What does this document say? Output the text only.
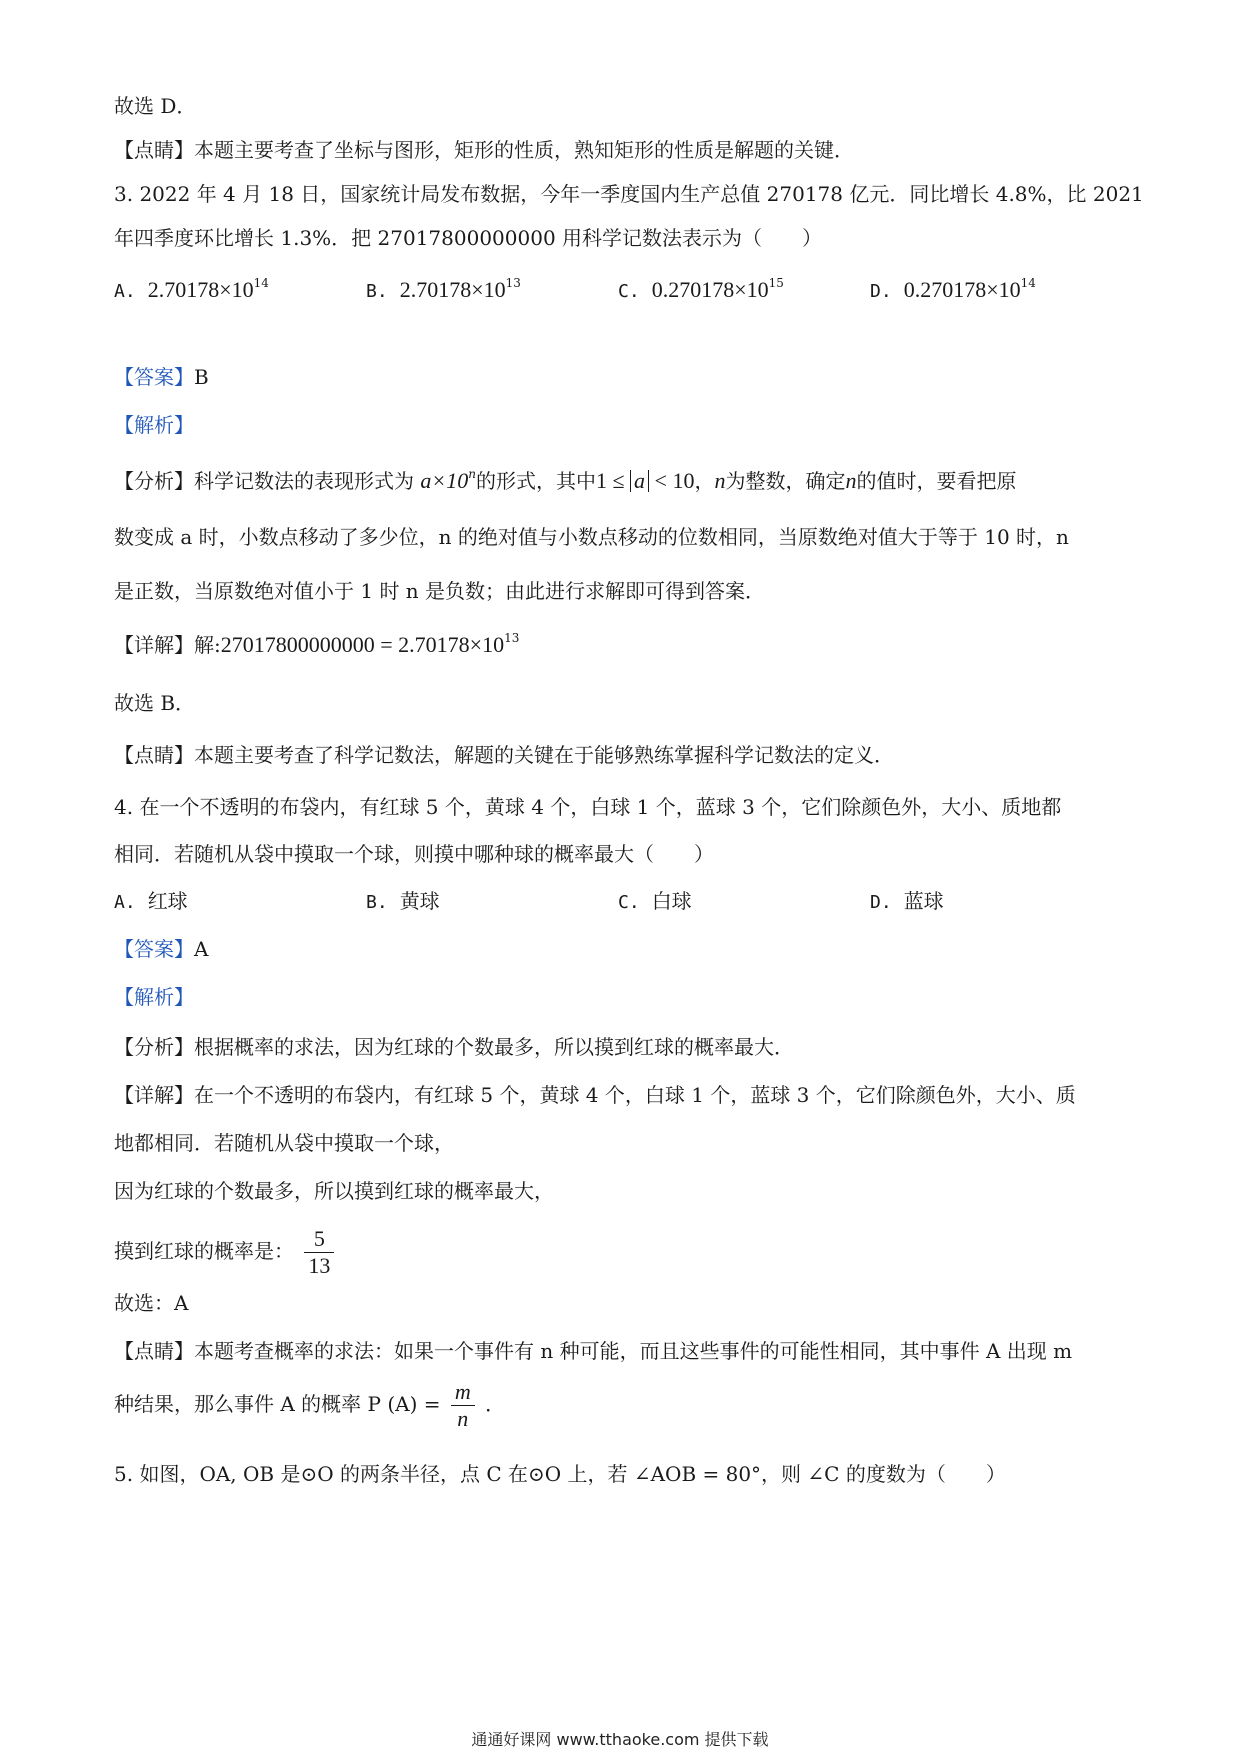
故选 D．
【点睛】本题主要考查了坐标与图形，矩形的性质，熟知矩形的性质是解题的关键．
3. 2022 年 4 月 18 日，国家统计局发布数据，今年一季度国内生产总值 270178 亿元．同比增长 4.8%，比 2021
年四季度环比增长 1.3%．把 27017800000000 用科学记数法表示为（　　）
A. $2.70178\times 10^{14}$	B. $2.70178\times 10^{13}$	C. $0.270178\times 10^{15}$	D. $0.270178\times 10^{14}$
【答案】B
【解析】
【分析】科学记数法的表现形式为 $a\times 10^n$的形式，其中1 ≤ a < 10，n为整数，确定n的值时，要看把原
数变成 a 时，小数点移动了多少位，n 的绝对值与小数点移动的位数相同，当原数绝对值大于等于 10 时，n
是正数，当原数绝对值小于 1 时 n 是负数；由此进行求解即可得到答案．
【详解】解:27017800000000 = $2.70178\times 10^{13}$
故选 B．
【点睛】本题主要考查了科学记数法，解题的关键在于能够熟练掌握科学记数法的定义．
4. 在一个不透明的布袋内，有红球 5 个，黄球 4 个，白球 1 个，蓝球 3 个，它们除颜色外，大小、质地都
相同．若随机从袋中摸取一个球，则摸中哪种球的概率最大（　　）
A. 红球	B. 黄球	C. 白球	D. 蓝球
【答案】A
【解析】
【分析】根据概率的求法，因为红球的个数最多，所以摸到红球的概率最大．
【详解】在一个不透明的布袋内，有红球 5 个，黄球 4 个，白球 1 个，蓝球 3 个，它们除颜色外，大小、质
地都相同．若随机从袋中摸取一个球，
因为红球的个数最多，所以摸到红球的概率最大，
摸到红球的概率是： $\frac{5}{13}$
故选：A
【点睛】本题考查概率的求法：如果一个事件有 n 种可能，而且这些事件的可能性相同，其中事件 A 出现 m
种结果，那么事件 A 的概率 P $(A) = \frac{m}{n}$ ．
5. 如图，OA, OB 是⊙O 的两条半径，点 C 在⊙O 上，若 ∠AOB = 80°，则 ∠C 的度数为（　　）
通通好课网 www.tthaoke.com 提供下载
